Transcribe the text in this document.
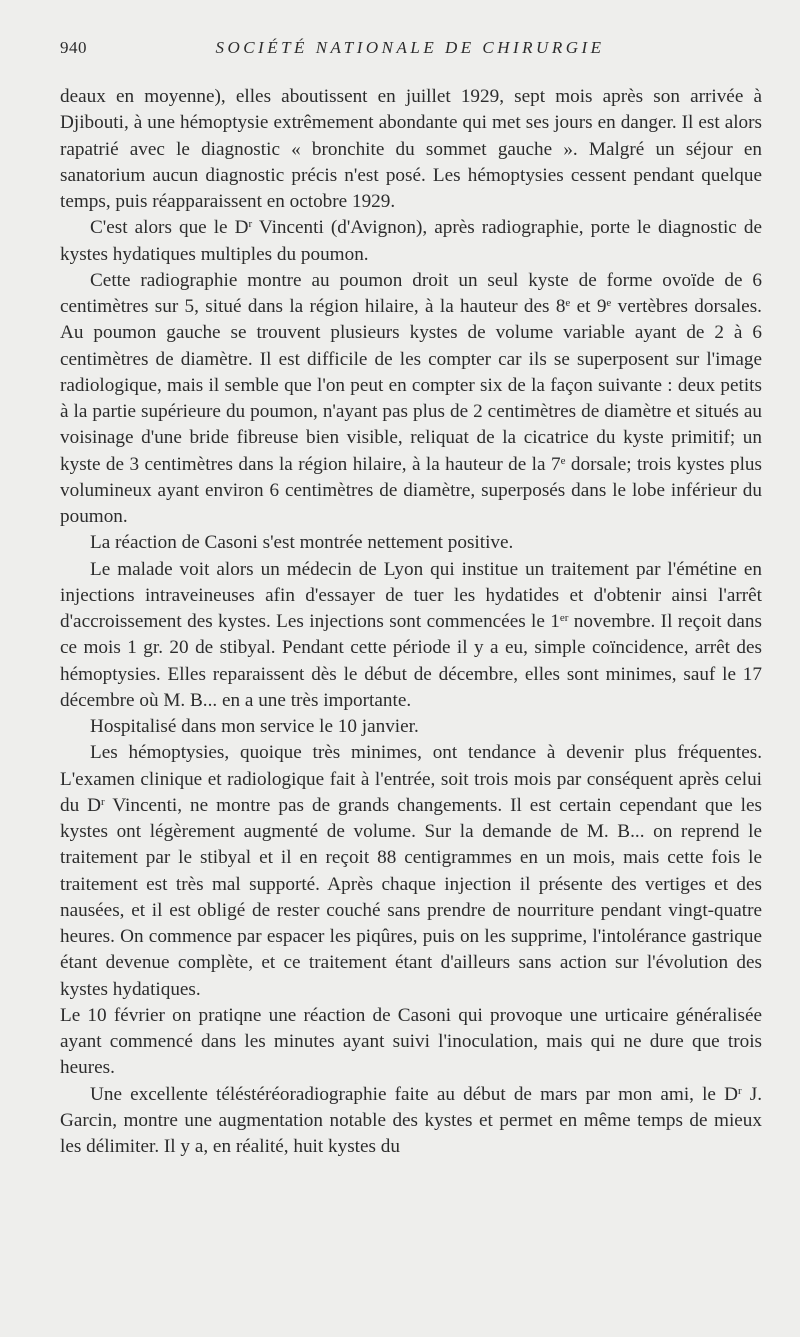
940	SOCIÉTÉ NATIONALE DE CHIRURGIE

deaux en moyenne), elles aboutissent en juillet 1929, sept mois après son arrivée à Djibouti, à une hémoptysie extrêmement abondante qui met ses jours en danger. Il est alors rapatrié avec le diagnostic « bronchite du sommet gauche ». Malgré un séjour en sanatorium aucun diagnostic précis n'est posé. Les hémoptysies cessent pendant quelque temps, puis réapparaissent en octobre 1929.

C'est alors que le $D^r$ Vincenti (d'Avignon), après radiographie, porte le diagnostic de kystes hydatiques multiples du poumon.

Cette radiographie montre au poumon droit un seul kyste de forme ovoïde de 6 centimètres sur 5, situé dans la région hilaire, à la hauteur des 8e et 9e vertèbres dorsales. Au poumon gauche se trouvent plusieurs kystes de volume variable ayant de 2 à 6 centimètres de diamètre. Il est difficile de les compter car ils se superposent sur l'image radiologique, mais il semble que l'on peut en compter six de la façon suivante : deux petits à la partie supérieure du poumon, n'ayant pas plus de 2 centimètres de diamètre et situés au voisinage d'une bride fibreuse bien visible, reliquat de la cicatrice du kyste primitif; un kyste de 3 centimètres dans la région hilaire, à la hauteur de la 7e dorsale; trois kystes plus volumineux ayant environ 6 centimètres de diamètre, superposés dans le lobe inférieur du poumon.

La réaction de Casoni s'est montrée nettement positive.

Le malade voit alors un médecin de Lyon qui institue un traitement par l'émétine en injections intraveineuses afin d'essayer de tuer les hydatides et d'obtenir ainsi l'arrêt d'accroissement des kystes. Les injections sont commencées le 1er novembre. Il reçoit dans ce mois 1 gr. 20 de stibyal. Pendant cette période il y a eu, simple coïncidence, arrêt des hémoptysies. Elles reparaissent dès le début de décembre, elles sont minimes, sauf le 17 décembre où M. B... en a une très importante.

Hospitalisé dans mon service le 10 janvier.

Les hémoptysies, quoique très minimes, ont tendance à devenir plus fréquentes. L'examen clinique et radiologique fait à l'entrée, soit trois mois par conséquent après celui du $D^r$ Vincenti, ne montre pas de grands changements. Il est certain cependant que les kystes ont légèrement augmenté de volume. Sur la demande de M. B... on reprend le traitement par le stibyal et il en reçoit 88 centigrammes en un mois, mais cette fois le traitement est très mal supporté. Après chaque injection il présente des vertiges et des nausées, et il est obligé de rester couché sans prendre de nourriture pendant vingt-quatre heures. On commence par espacer les piqûres, puis on les supprime, l'intolérance gastrique étant devenue complète, et ce traitement étant d'ailleurs sans action sur l'évolution des kystes hydatiques.

Le 10 février on pratiqne une réaction de Casoni qui provoque une urticaire généralisée ayant commencé dans les minutes ayant suivi l'inoculation, mais qui ne dure que trois heures.

Une excellente téléstéréoradiographie faite au début de mars par mon ami, le $D^r$ J. Garcin, montre une augmentation notable des kystes et permet en même temps de mieux les délimiter. Il y a, en réalité, huit kystes du
